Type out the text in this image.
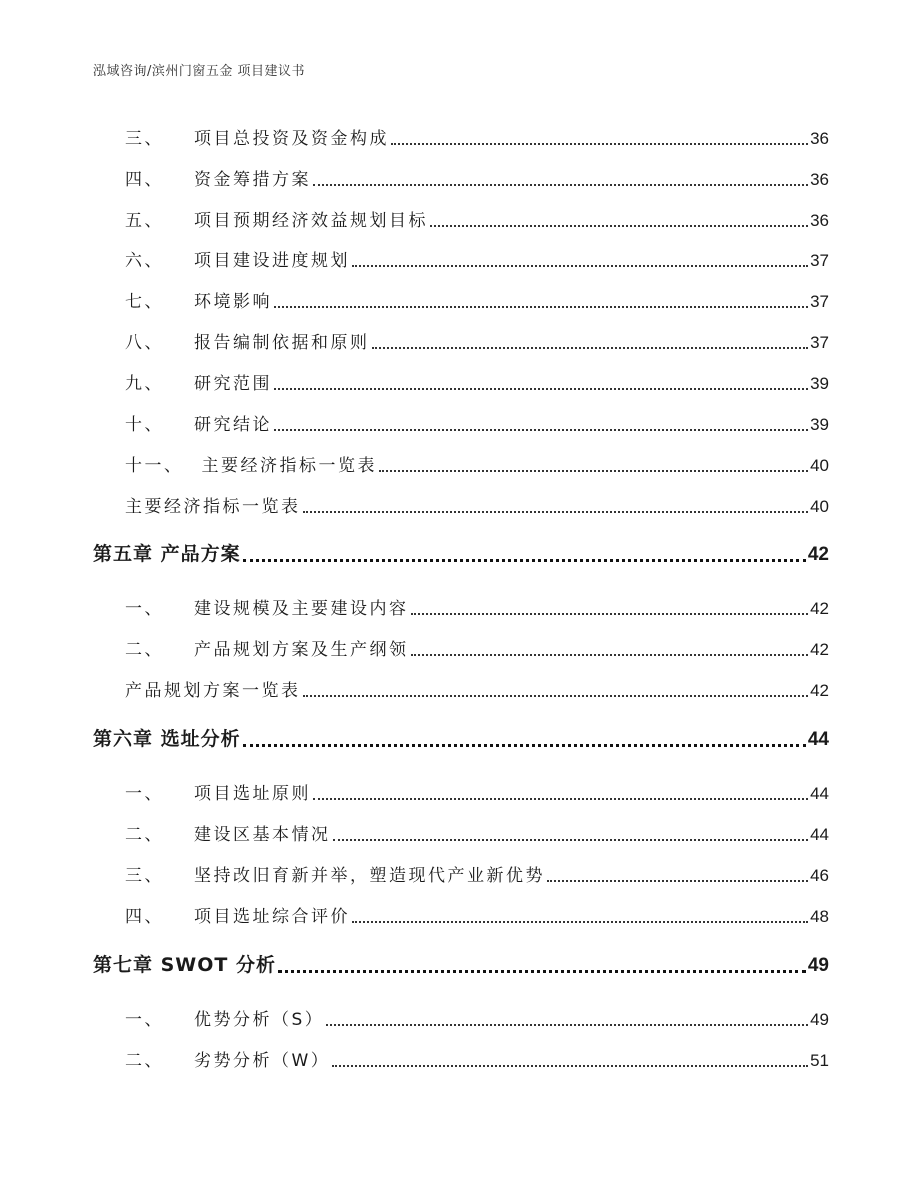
泓域咨询/滨州门窗五金 项目建议书
三、 项目总投资及资金构成	36
四、 资金筹措方案	36
五、 项目预期经济效益规划目标	36
六、 项目建设进度规划	37
七、 环境影响	37
八、 报告编制依据和原则	37
九、 研究范围	39
十、 研究结论	39
十一、 主要经济指标一览表	40
主要经济指标一览表	40
第五章 产品方案	42
一、 建设规模及主要建设内容	42
二、 产品规划方案及生产纲领	42
产品规划方案一览表	42
第六章 选址分析	44
一、 项目选址原则	44
二、 建设区基本情况	44
三、 坚持改旧育新并举，塑造现代产业新优势	46
四、 项目选址综合评价	48
第七章 SWOT 分析	49
一、 优势分析（S）	49
二、 劣势分析（W）	51
